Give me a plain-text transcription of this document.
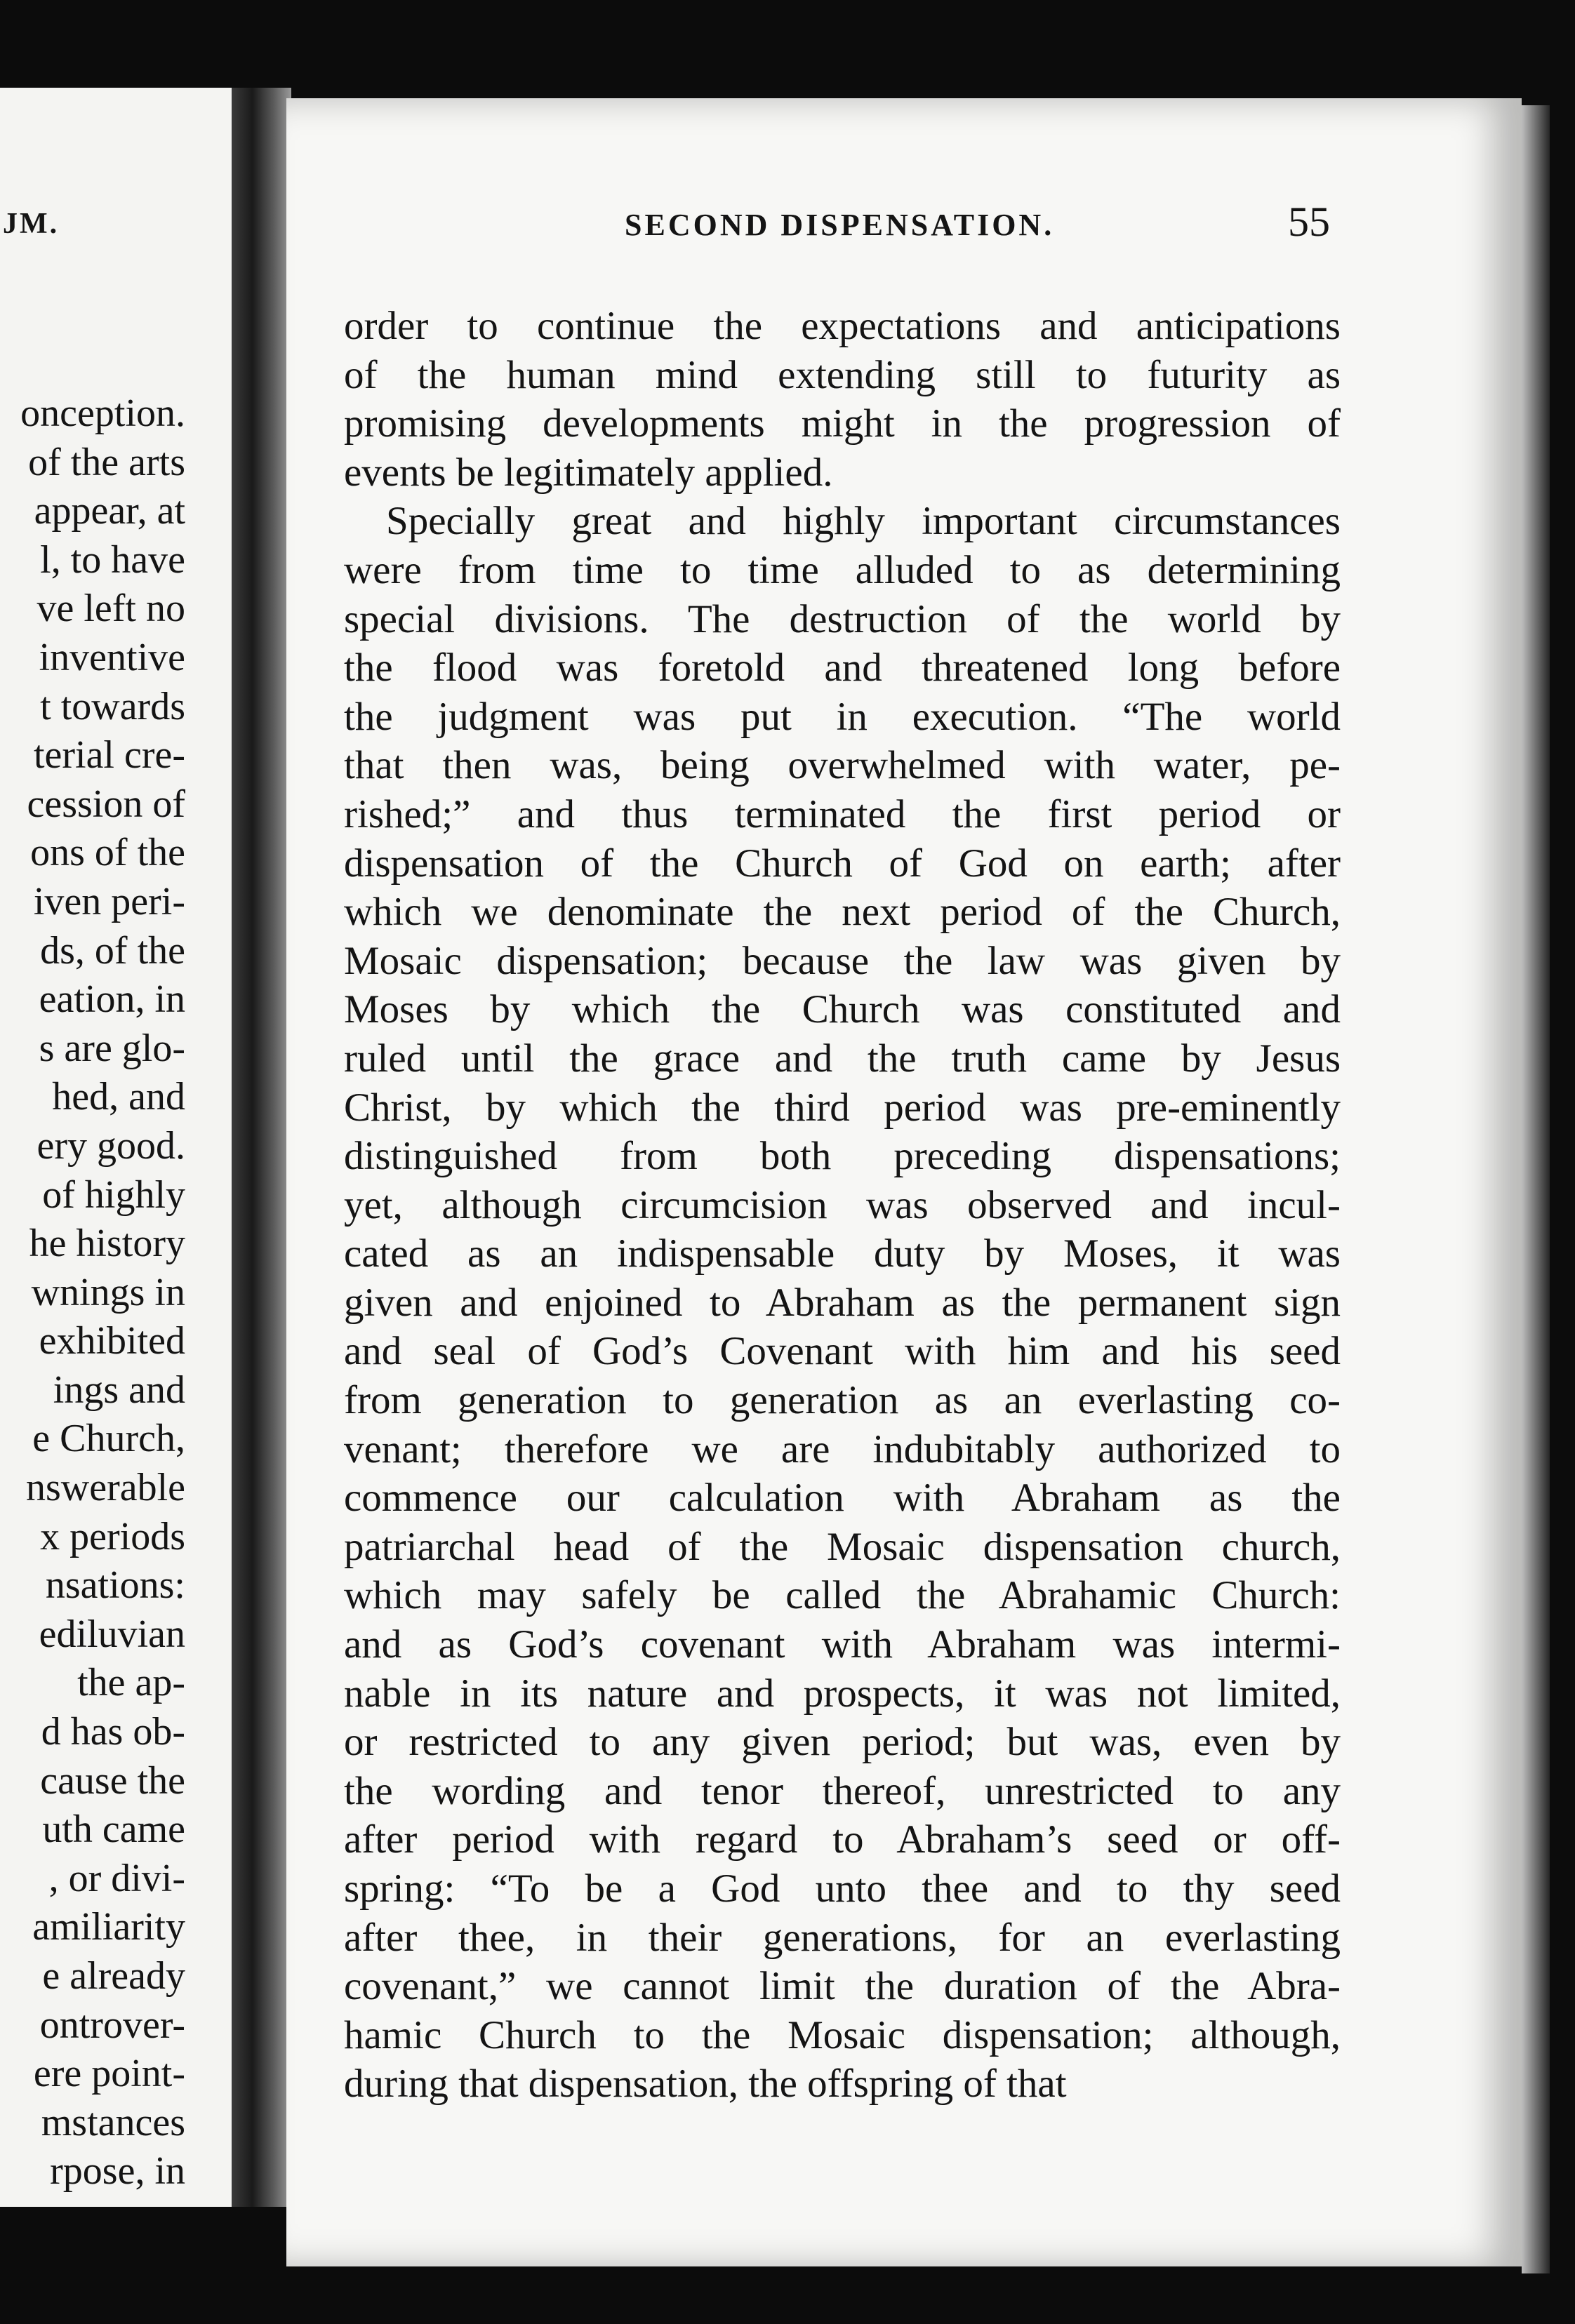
JM.
onception.
of the arts
appear, at
l, to have
ve left no
inventive
t towards
terial cre-
cession of
ons of the
iven peri-
ds, of the
eation, in
s are glo-
hed, and
ery good.
of highly
he history
wnings in
exhibited
ings and
e Church,
nswerable
x periods
nsations:
ediluvian
the ap-
d has ob-
cause the
uth came
, or divi-
amiliarity
e already
ontrover-
ere point-
mstances
rpose, in
SECOND DISPENSATION.	55
order to continue the expectations and anticipations
of the human mind extending still to futurity as
promising developments might in the progression of
events be legitimately applied.
Specially great and highly important circumstances
were from time to time alluded to as determining
special divisions. The destruction of the world by
the flood was foretold and threatened long before
the judgment was put in execution. “The world
that then was, being overwhelmed with water, pe-
rished;” and thus terminated the first period or
dispensation of the Church of God on earth; after
which we denominate the next period of the Church,
Mosaic dispensation; because the law was given by
Moses by which the Church was constituted and
ruled until the grace and the truth came by Jesus
Christ, by which the third period was pre-eminently
distinguished from both preceding dispensations;
yet, although circumcision was observed and incul-
cated as an indispensable duty by Moses, it was
given and enjoined to Abraham as the permanent sign
and seal of God’s Covenant with him and his seed
from generation to generation as an everlasting co-
venant; therefore we are indubitably authorized to
commence our calculation with Abraham as the
patriarchal head of the Mosaic dispensation church,
which may safely be called the Abrahamic Church:
and as God’s covenant with Abraham was intermi-
nable in its nature and prospects, it was not limited,
or restricted to any given period; but was, even by
the wording and tenor thereof, unrestricted to any
after period with regard to Abraham’s seed or off-
spring: “To be a God unto thee and to thy seed
after thee, in their generations, for an everlasting
covenant,” we cannot limit the duration of the Abra-
hamic Church to the Mosaic dispensation; although,
during that dispensation, the offspring of that
